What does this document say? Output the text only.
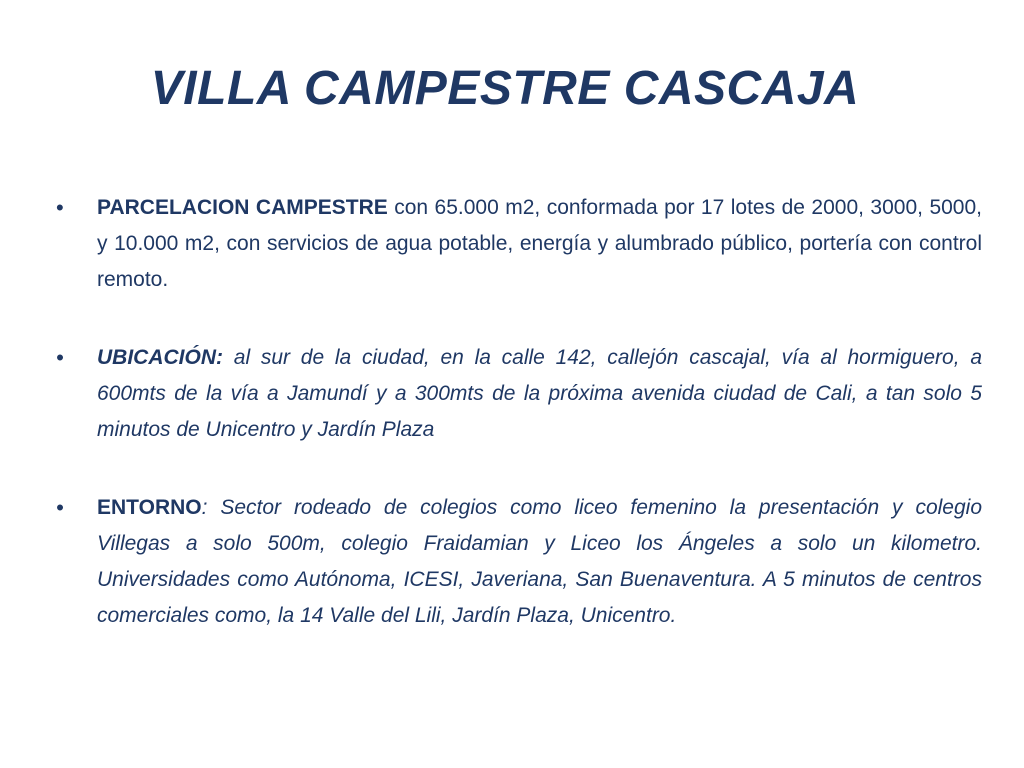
VILLA CAMPESTRE CASCAJA
• PARCELACION CAMPESTRE con 65.000 m2, conformada por 17 lotes de 2000, 3000, 5000, y 10.000 m2, con servicios de agua potable, energía y alumbrado público, portería con control remoto.
• UBICACIÓN: al sur de la ciudad, en la calle 142, callejón cascajal, vía al hormiguero, a 600mts de la vía a Jamundí y a 300mts de la próxima avenida ciudad de Cali, a tan solo 5 minutos de Unicentro y Jardín Plaza
• ENTORNO: Sector rodeado de colegios como liceo femenino la presentación y colegio Villegas a solo 500m, colegio Fraidamian y Liceo los Ángeles a solo un kilometro. Universidades como Autónoma, ICESI, Javeriana, San Buenaventura. A 5 minutos de centros comerciales como, la 14 Valle del Lili, Jardín Plaza, Unicentro.
